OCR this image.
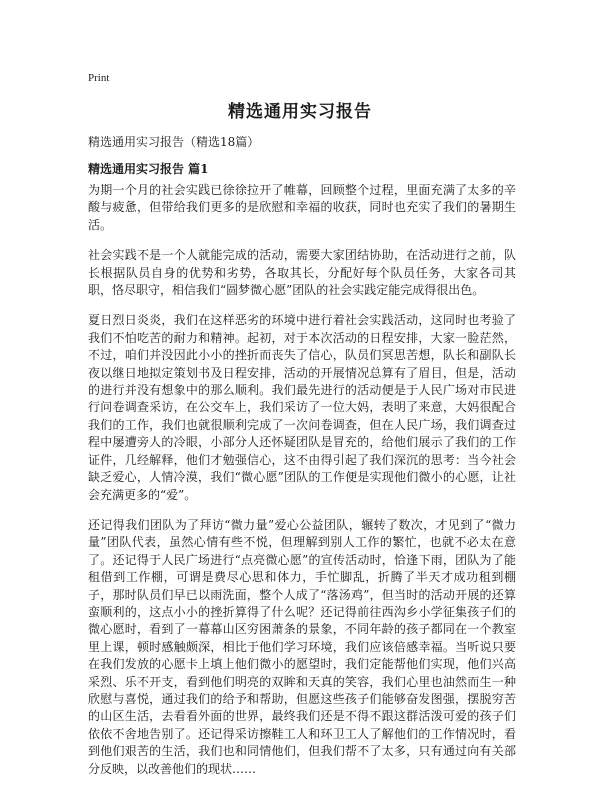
Print
精选通用实习报告
精选通用实习报告（精选18篇）
精选通用实习报告 篇1

为期一个月的社会实践已徐徐拉开了帷幕，回顾整个过程，里面充满了太多的辛酸与疲惫，但带给我们更多的是欣慰和幸福的收获，同时也充实了我们的暑期生活。

社会实践不是一个人就能完成的活动，需要大家团结协助，在活动进行之前，队长根据队员自身的优势和劣势，各取其长，分配好每个队员任务，大家各司其职，恪尽职守，相信我们“圆梦微心愿”团队的社会实践定能完成得很出色。

夏日烈日炎炎，我们在这样恶劣的环境中进行着社会实践活动，这同时也考验了我们不怕吃苦的耐力和精神。起初，对于本次活动的日程安排，大家一脸茫然，不过，咱们并没因此小小的挫折而丧失了信心，队员们冥思苦想，队长和副队长夜以继日地拟定策划书及日程安排，活动的开展情况总算有了眉目，但是，活动的进行并没有想象中的那么顺利。我们最先进行的活动便是于人民广场对市民进行问卷调查采访，在公交车上，我们采访了一位大妈，表明了来意，大妈很配合我们的工作，我们也就很顺利完成了一次问卷调查，但在人民广场，我们调查过程中屡遭旁人的冷眼，小部分人还怀疑团队是冒充的，给他们展示了我们的工作证件，几经解释，他们才勉强信心，这不由得引起了我们深沉的思考：当今社会缺乏爱心，人情冷漠，我们“微心愿”团队的工作便是实现他们微小的心愿，让社会充满更多的“爱”。

还记得我们团队为了拜访“微力量”爱心公益团队，辗转了数次，才见到了“微力量”团队代表，虽然心情有些不悦，但理解到别人工作的繁忙，也就不必太在意了。还记得于人民广场进行“点亮微心愿”的宣传活动时，恰逢下雨，团队为了能租借到工作棚，可谓是费尽心思和体力，手忙脚乱，折腾了半天才成功租到棚子，那时队员们早已以雨洗面，整个人成了“落汤鸡”，但当时的活动开展的还算蛮顺利的，这点小小的挫折算得了什么呢？还记得前往西沟乡小学征集孩子们的微心愿时，看到了一幕幕山区穷困萧条的景象，不同年龄的孩子都同在一个教室里上课，顿时感触颇深，相比于他们学习环境，我们应该倍感幸福。当听说只要在我们发放的心愿卡上填上他们微小的愿望时，我们定能帮他们实现，他们兴高采烈、乐不开支，看到他们明亮的双眸和天真的笑容，我们心里也油然而生一种欣慰与喜悦，通过我们的给予和帮助，但愿这些孩子们能够奋发图强，摆脱穷苦的山区生活，去看看外面的世界，最终我们还是不得不跟这群活泼可爱的孩子们依依不舍地告别了。还记得采访擦鞋工人和环卫工人了解他们的工作情况时，看到他们艰苦的生活，我们也和同情他们，但我们帮不了太多，只有通过向有关部分反映，以改善他们的现状……
